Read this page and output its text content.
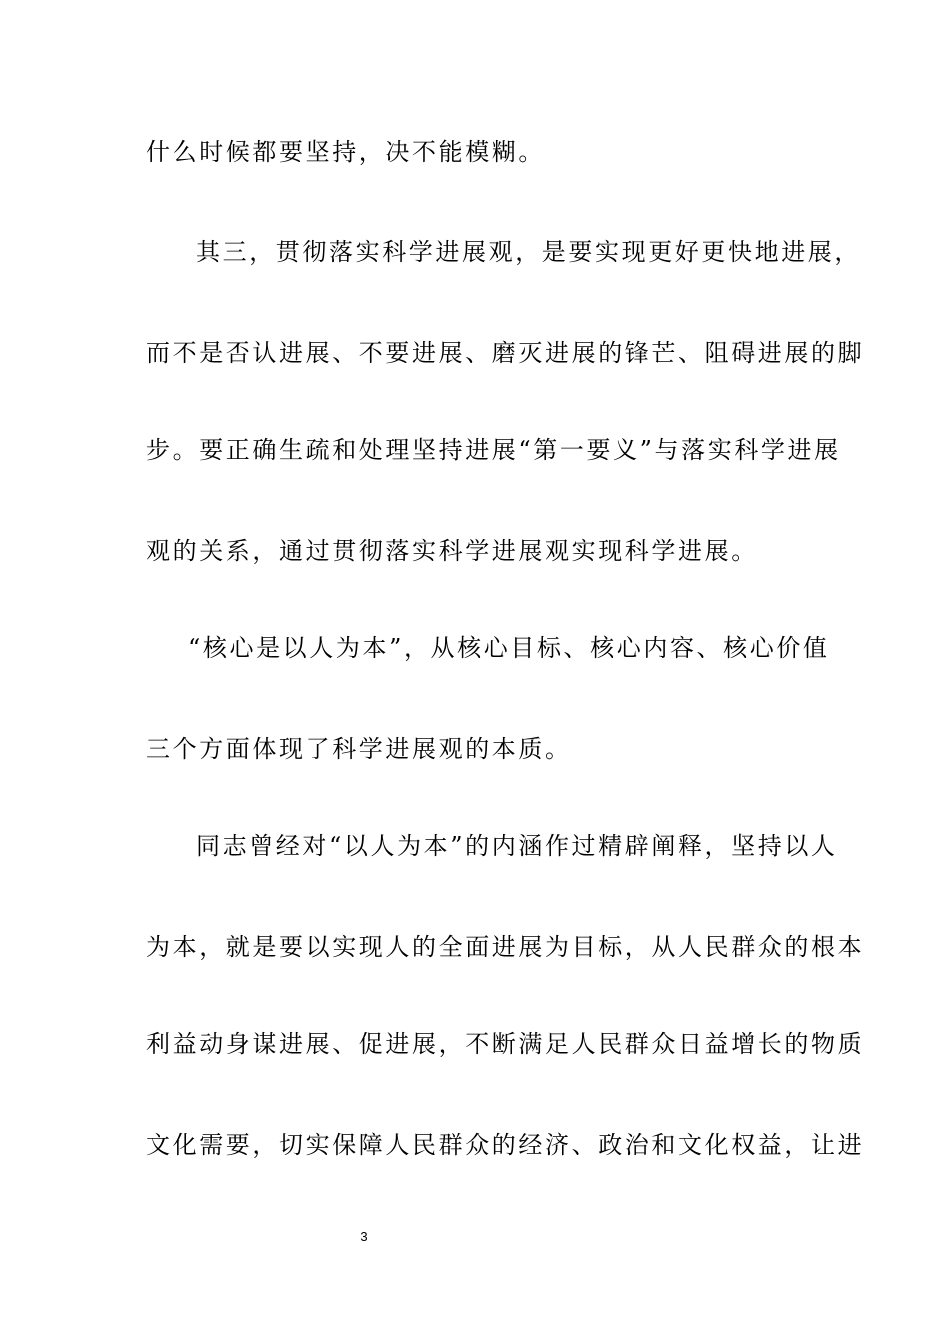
什么时候都要坚持，决不能模糊。
其三，贯彻落实科学进展观，是要实现更好更快地进展，
而不是否认进展、不要进展、磨灭进展的锋芒、阻碍进展的脚
步。要正确生疏和处理坚持进展“第一要义”与落实科学进展
观的关系，通过贯彻落实科学进展观实现科学进展。
“核心是以人为本”，从核心目标、核心内容、核心价值
三个方面体现了科学进展观的本质。
同志曾经对“以人为本”的内涵作过精辟阐释，坚持以人
为本，就是要以实现人的全面进展为目标，从人民群众的根本
利益动身谋进展、促进展，不断满足人民群众日益增长的物质
文化需要，切实保障人民群众的经济、政治和文化权益，让进
3
